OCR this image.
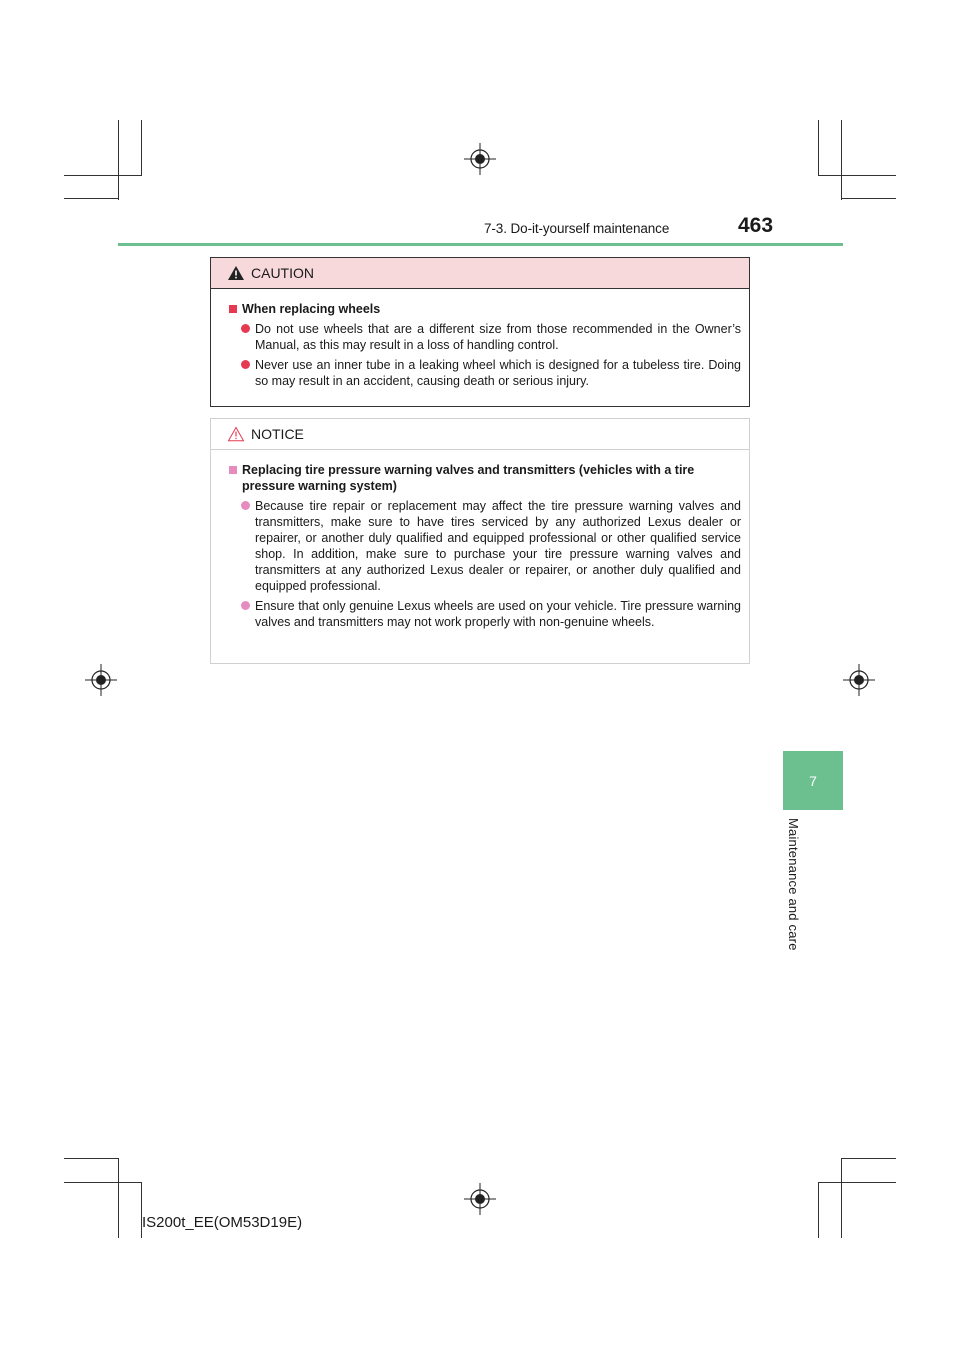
7-3. Do-it-yourself maintenance	463
7
Maintenance and care
CAUTION
When replacing wheels
Do not use wheels that are a different size from those recommended in the Owner’s Manual, as this may result in a loss of handling control.
Never use an inner tube in a leaking wheel which is designed for a tubeless tire. Doing so may result in an accident, causing death or serious injury.
NOTICE
Replacing tire pressure warning valves and transmitters (vehicles with a tire pressure warning system)
Because tire repair or replacement may affect the tire pressure warning valves and transmitters, make sure to have tires serviced by any authorized Lexus dealer or repairer, or another duly qualified and equipped professional or other qualified service shop. In addition, make sure to purchase your tire pressure warning valves and transmitters at any authorized Lexus dealer or repairer, or another duly qualified and equipped professional.
Ensure that only genuine Lexus wheels are used on your vehicle. Tire pressure warning valves and transmitters may not work properly with non-genuine wheels.
IS200t_EE(OM53D19E)
